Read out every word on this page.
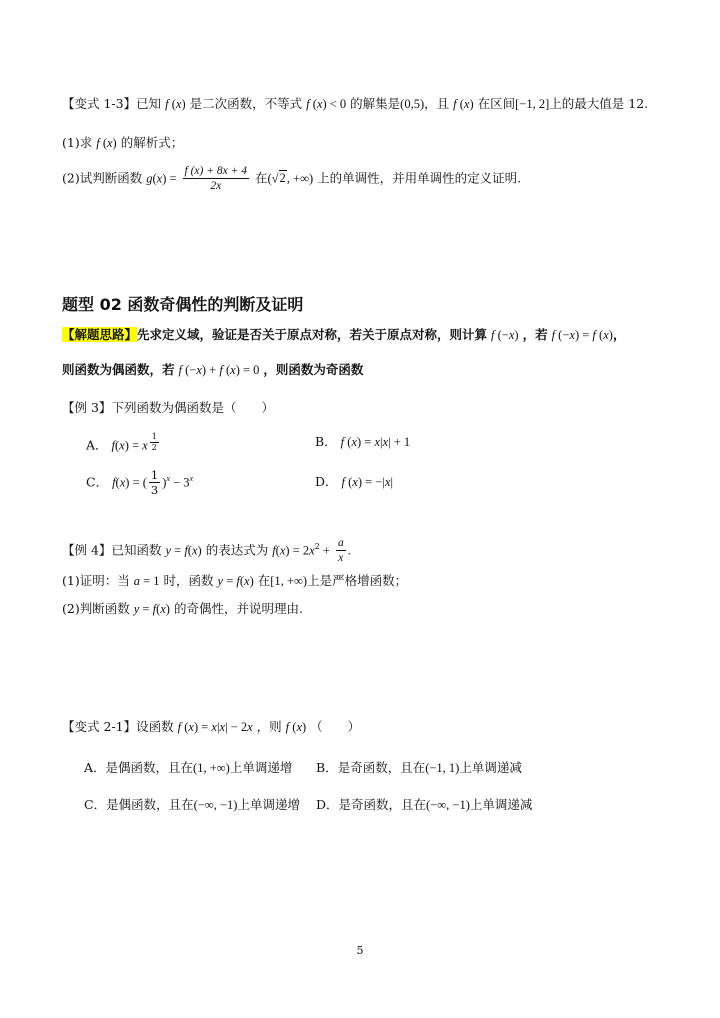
【变式 1-3】已知 f (x) 是二次函数，不等式 f (x) < 0 的解集是(0,5)，且 f (x) 在区间[−1, 2]上的最大值是 12.
(1)求 f (x) 的解析式；
(2)试判断函数 $g(x) = \frac{f (x) + 8x + 4}{2x}$ 在(√2, +∞) 上的单调性，并用单调性的定义证明.
题型 02 函数奇偶性的判断及证明
【解题思路】先求定义域，验证是否关于原点对称，若关于原点对称，则计算 f (−x) ，若 f (−x) = f (x)，
则函数为偶函数，若 f (−x) + f (x) = 0 ，则函数为奇函数
【例 3】下列函数为偶函数是（　　）
A． f(x) = x $^{\frac{1}{2}}$	B． f (x) = x|x| + 1
C． f(x) = ( $\frac{1}{3} )^x - 3^x$	D． f (x) = −|x|
【例 4】已知函数 y = f(x) 的表达式为 $f(x) = 2x^2 + \frac{a}{x}$ .
(1)证明：当 a = 1 时，函数 y = f(x) 在[1, +∞)上是严格增函数；
(2)判断函数 y = f(x) 的奇偶性，并说明理由.
【变式 2-1】设函数 f (x) = x|x| − 2x ，则 f (x) （　　）
A．是偶函数，且在(1, +∞)上单调递增 B．是奇函数，且在(−1, 1)上单调递减
C．是偶函数，且在(−∞, −1)上单调递增 D．是奇函数，且在(−∞, −1)上单调递减
5
